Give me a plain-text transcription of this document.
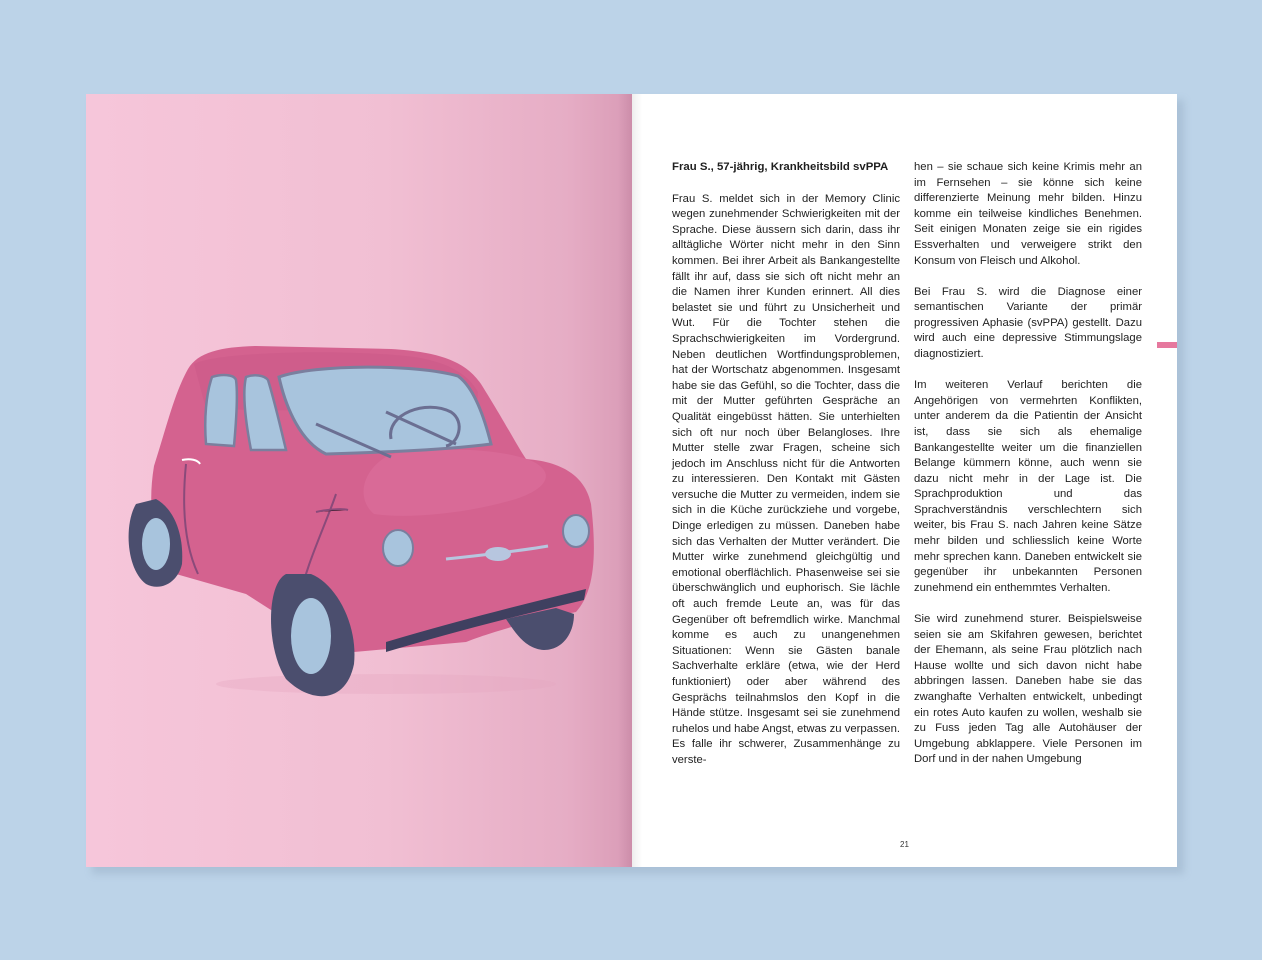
Frau S., 57-jährig, Krankheitsbild svPPA

Frau S. meldet sich in der Memory Clinic wegen zunehmender Schwierigkeiten mit der Sprache. Diese äussern sich darin, dass ihr alltägliche Wörter nicht mehr in den Sinn kommen. Bei ihrer Arbeit als Bankangestellte fällt ihr auf, dass sie sich oft nicht mehr an die Namen ihrer Kunden erinnert. All dies belastet sie und führt zu Unsicherheit und Wut. Für die Tochter stehen die Sprachschwierigkeiten im Vordergrund. Neben deutlichen Wortfindungsproblemen, hat der Wortschatz abgenommen. Insgesamt habe sie das Gefühl, so die Tochter, dass die mit der Mutter geführten Gespräche an Qualität eingebüsst hätten. Sie unterhielten sich oft nur noch über Belangloses. Ihre Mutter stelle zwar Fragen, scheine sich jedoch im Anschluss nicht für die Antworten zu interessieren. Den Kontakt mit Gästen versuche die Mutter zu vermeiden, indem sie sich in die Küche zurückziehe und vorgebe, Dinge erledigen zu müssen. Daneben habe sich das Verhalten der Mutter verändert. Die Mutter wirke zunehmend gleichgültig und emotional oberflächlich. Phasenweise sei sie überschwänglich und euphorisch. Sie lächle oft auch fremde Leute an, was für das Gegenüber oft befremdlich wirke. Manchmal komme es auch zu unangenehmen Situationen: Wenn sie Gästen banale Sachverhalte erkläre (etwa, wie der Herd funktioniert) oder aber während des Gesprächs teilnahmslos den Kopf in die Hände stütze. Insgesamt sei sie zunehmend ruhelos und habe Angst, etwas zu verpassen. Es falle ihr schwerer, Zusammenhänge zu verste-

hen – sie schaue sich keine Krimis mehr an im Fernsehen – sie könne sich keine differenzierte Meinung mehr bilden. Hinzu komme ein teilweise kindliches Benehmen. Seit einigen Monaten zeige sie ein rigides Essverhalten und verweigere strikt den Konsum von Fleisch und Alkohol.

Bei Frau S. wird die Diagnose einer semantischen Variante der primär progressiven Aphasie (svPPA) gestellt. Dazu wird auch eine depressive Stimmungslage diagnostiziert.

Im weiteren Verlauf berichten die Angehörigen von vermehrten Konflikten, unter anderem da die Patientin der Ansicht ist, dass sie sich als ehemalige Bankangestellte weiter um die finanziellen Belange kümmern könne, auch wenn sie dazu nicht mehr in der Lage ist. Die Sprachproduktion und das Sprachverständnis verschlechtern sich weiter, bis Frau S. nach Jahren keine Sätze mehr bilden und schliesslich keine Worte mehr sprechen kann. Daneben entwickelt sie gegenüber ihr unbekannten Personen zunehmend ein enthemmtes Verhalten.

Sie wird zunehmend sturer. Beispielsweise seien sie am Skifahren gewesen, berichtet der Ehemann, als seine Frau plötzlich nach Hause wollte und sich davon nicht habe abbringen lassen. Daneben habe sie das zwanghafte Verhalten entwickelt, unbedingt ein rotes Auto kaufen zu wollen, weshalb sie zu Fuss jeden Tag alle Autohäuser der Umgebung abklappere. Viele Personen im Dorf und in der nahen Umgebung

21
